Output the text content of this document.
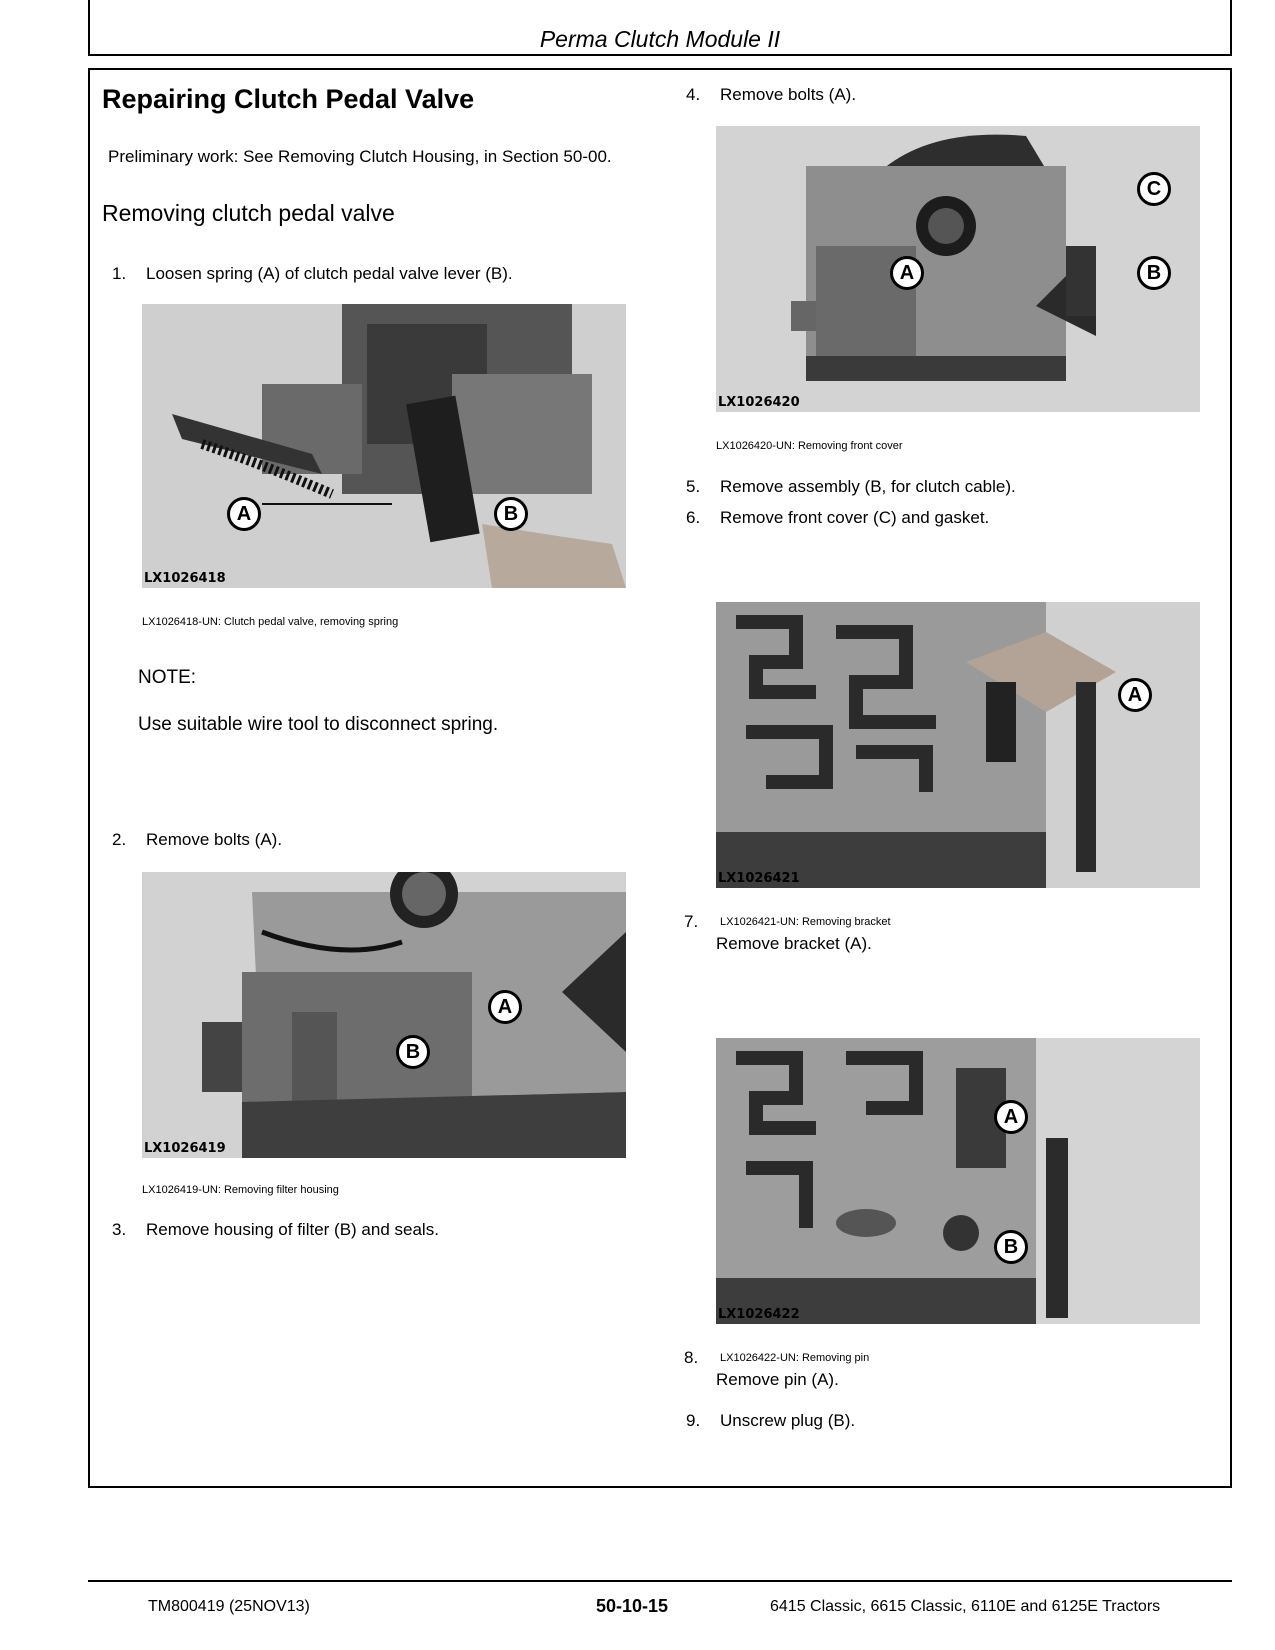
Perma Clutch Module II
Repairing Clutch Pedal Valve
Preliminary work: See Removing Clutch Housing, in Section 50-00.
Removing clutch pedal valve
1. Loosen spring (A) of clutch pedal valve lever (B).
A	B
LX1026418
LX1026418-UN: Clutch pedal valve, removing spring
NOTE:
Use suitable wire tool to disconnect spring.
2. Remove bolts (A).
A
B
LX1026419
LX1026419-UN: Removing filter housing
3. Remove housing of filter (B) and seals.
4. Remove bolts (A).
A	B
C
LX1026420
LX1026420-UN: Removing front cover
5. Remove assembly (B, for clutch cable).
6. Remove front cover (C) and gasket.
A
LX1026421
7. LX1026421-UN: Removing bracket
Remove bracket (A).
A
B
LX1026422
8. LX1026422-UN: Removing pin
Remove pin (A).
9. Unscrew plug (B).
TM800419 (25NOV13)	50-10-15	6415 Classic, 6615 Classic, 6110E and 6125E Tractors
